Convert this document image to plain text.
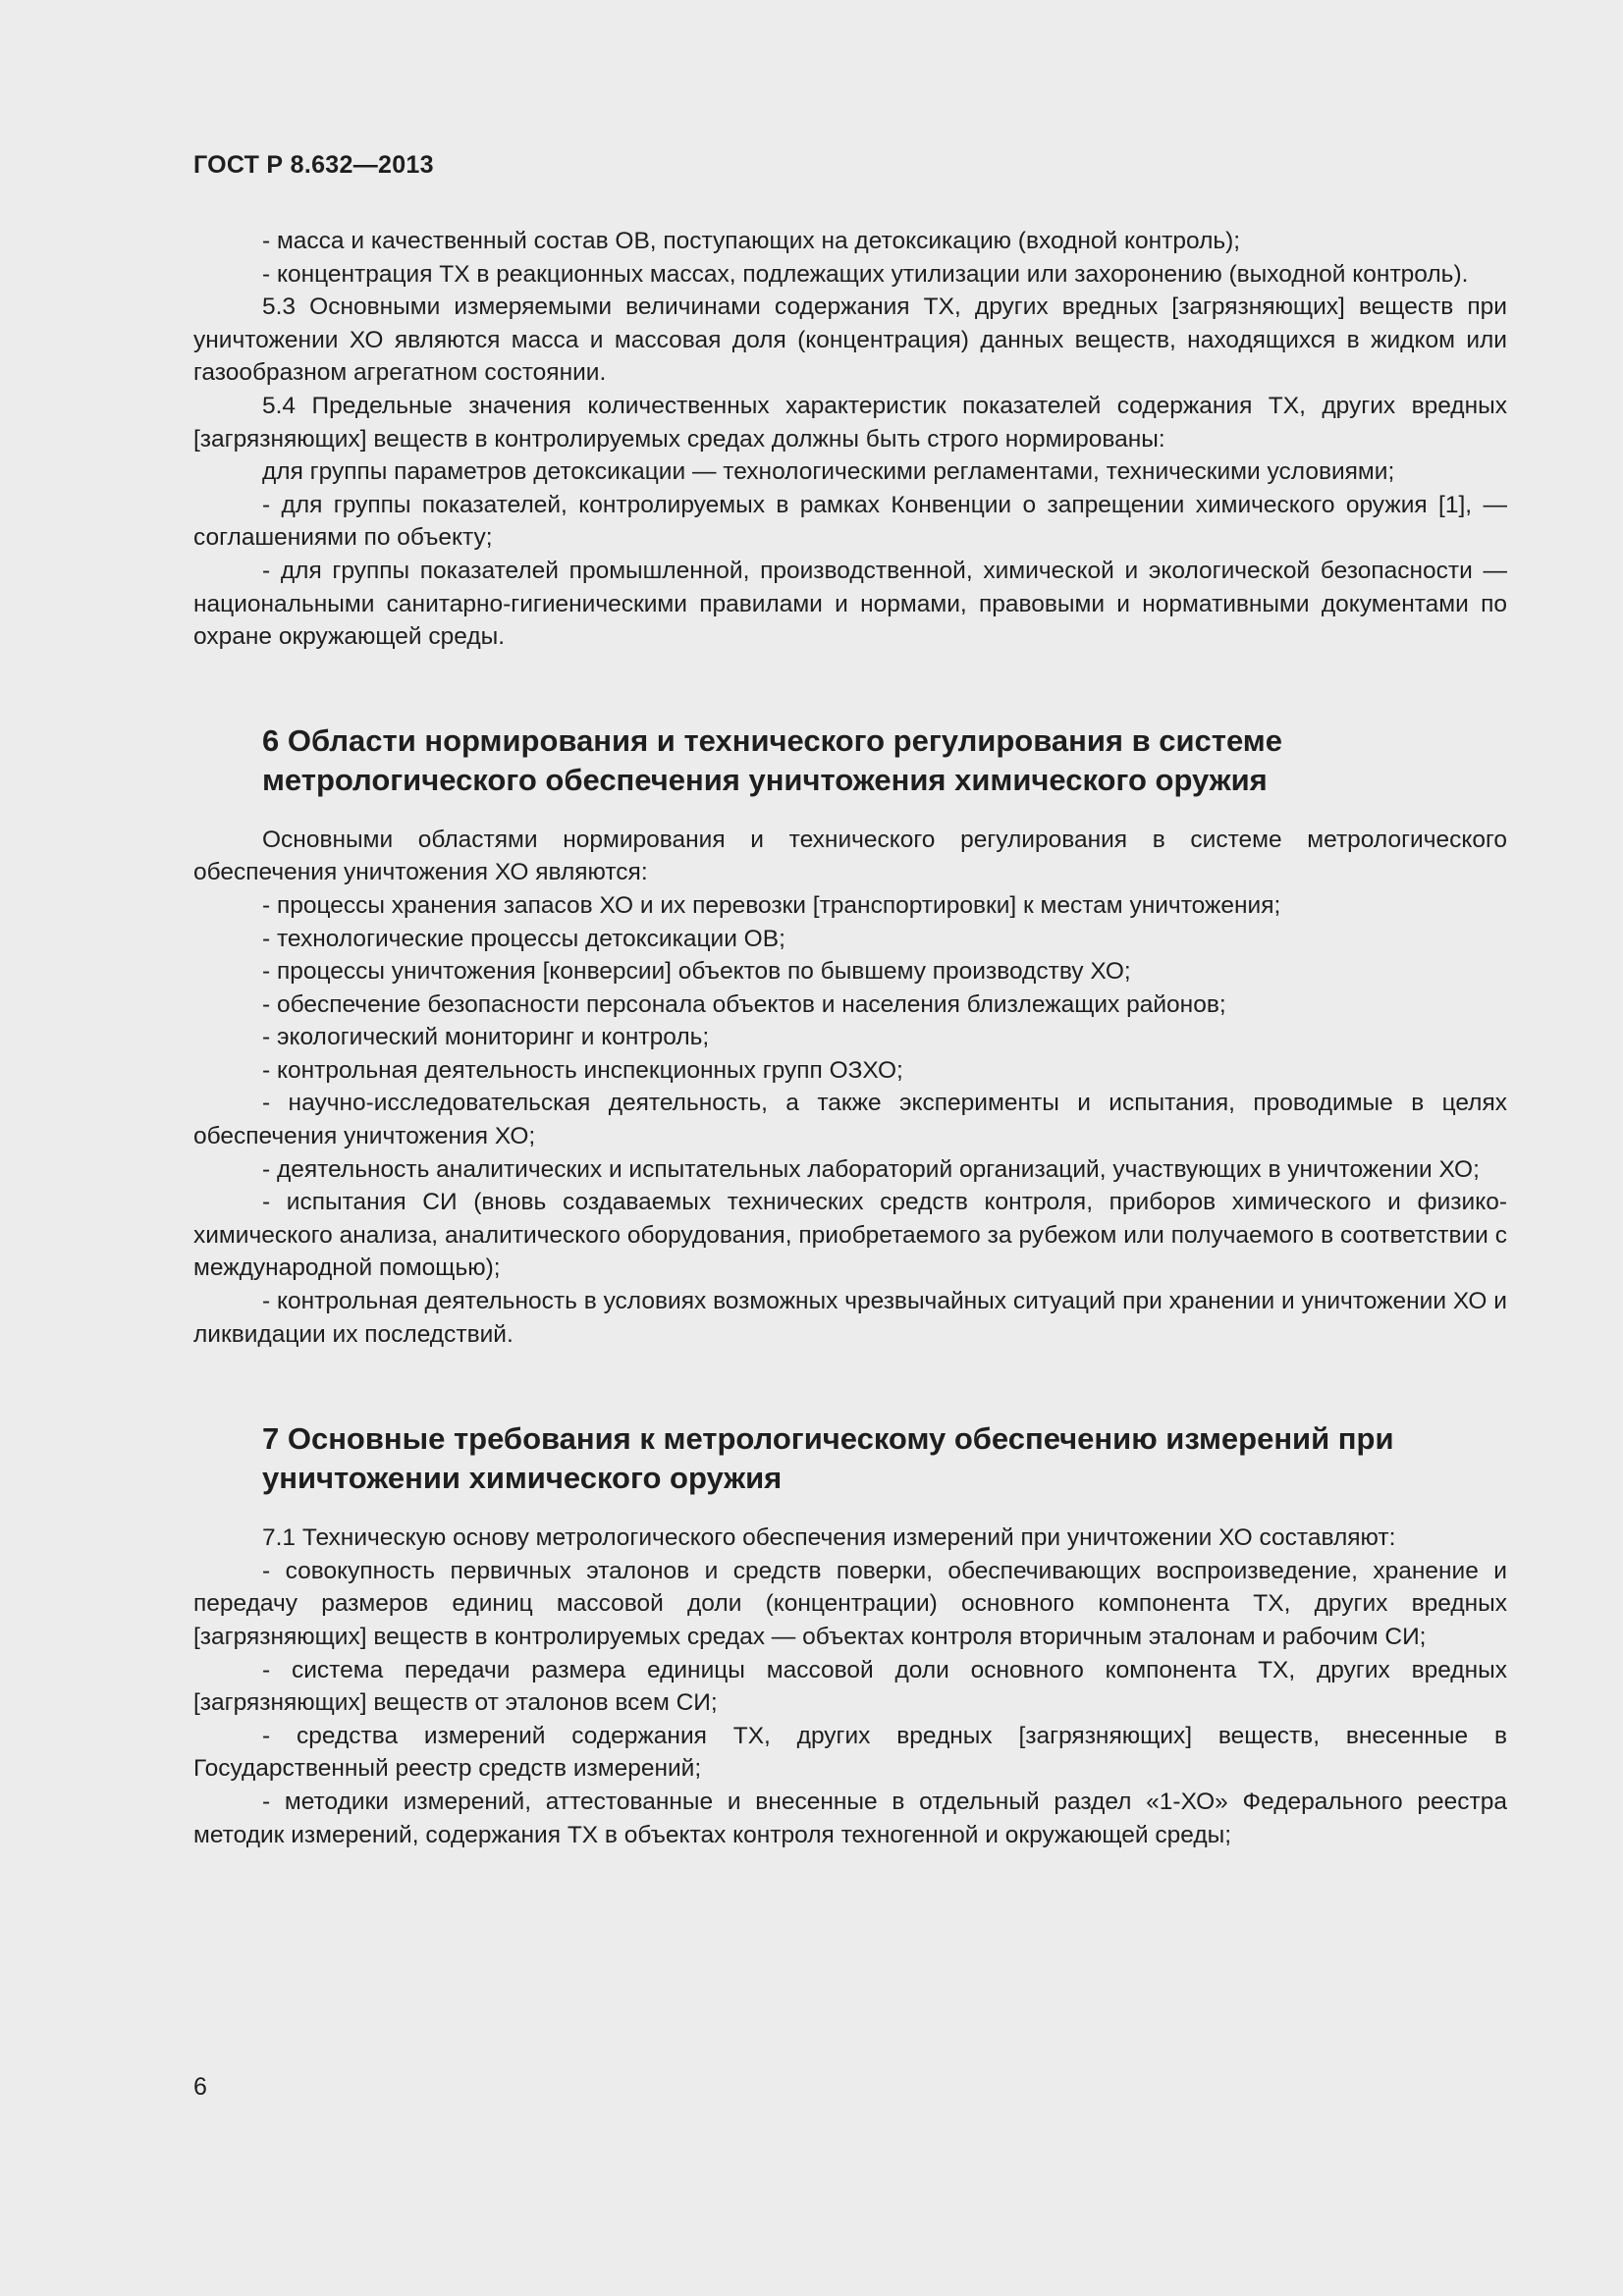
ГОСТ Р 8.632—2013

- масса и качественный состав ОВ, поступающих на детоксикацию (входной контроль);

- концентрация ТХ в реакционных массах, подлежащих утилизации или захоронению (выходной контроль).

5.3 Основными измеряемыми величинами содержания ТХ, других вредных [загрязняющих] веществ при уничтожении ХО являются масса и массовая доля (концентрация) данных веществ, находящихся в жидком или газообразном агрегатном состоянии.

5.4 Предельные значения количественных характеристик показателей содержания ТХ, других вредных [загрязняющих] веществ в контролируемых средах должны быть строго нормированы:

для группы параметров детоксикации — технологическими регламентами, техническими условиями;

- для группы показателей, контролируемых в рамках Конвенции о запрещении химического оружия [1], — соглашениями по объекту;

- для группы показателей промышленной, производственной, химической и экологической безопасности — национальными санитарно-гигиеническими правилами и нормами, правовыми и нормативными документами по охране окружающей среды.

6 Области нормирования и технического регулирования в системе метрологического обеспечения уничтожения химического оружия

Основными областями нормирования и технического регулирования в системе метрологического обеспечения уничтожения ХО являются:

- процессы хранения запасов ХО и их перевозки [транспортировки] к местам уничтожения;

- технологические процессы детоксикации ОВ;

- процессы уничтожения [конверсии] объектов по бывшему производству ХО;

- обеспечение безопасности персонала объектов и населения близлежащих районов;

- экологический мониторинг и контроль;

- контрольная деятельность инспекционных групп ОЗХО;

- научно-исследовательская деятельность, а также эксперименты и испытания, проводимые в целях обеспечения уничтожения ХО;

- деятельность аналитических и испытательных лабораторий организаций, участвующих в уничтожении ХО;

- испытания СИ (вновь создаваемых технических средств контроля, приборов химического и физико-химического анализа, аналитического оборудования, приобретаемого за рубежом или получаемого в соответствии с международной помощью);

- контрольная деятельность в условиях возможных чрезвычайных ситуаций при хранении и уничтожении ХО и ликвидации их последствий.

7 Основные требования к метрологическому обеспечению измерений при уничтожении химического оружия

7.1 Техническую основу метрологического обеспечения измерений при уничтожении ХО составляют:

- совокупность первичных эталонов и средств поверки, обеспечивающих воспроизведение, хранение и передачу размеров единиц массовой доли (концентрации) основного компонента ТХ, других вредных [загрязняющих] веществ в контролируемых средах — объектах контроля вторичным эталонам и рабочим СИ;

- система передачи размера единицы массовой доли основного компонента ТХ, других вредных [загрязняющих] веществ от эталонов всем СИ;

- средства измерений содержания ТХ, других вредных [загрязняющих] веществ, внесенные в Государственный реестр средств измерений;

- методики измерений, аттестованные и внесенные в отдельный раздел «1-ХО» Федерального реестра методик измерений, содержания ТХ в объектах контроля техногенной и окружающей среды;

6
